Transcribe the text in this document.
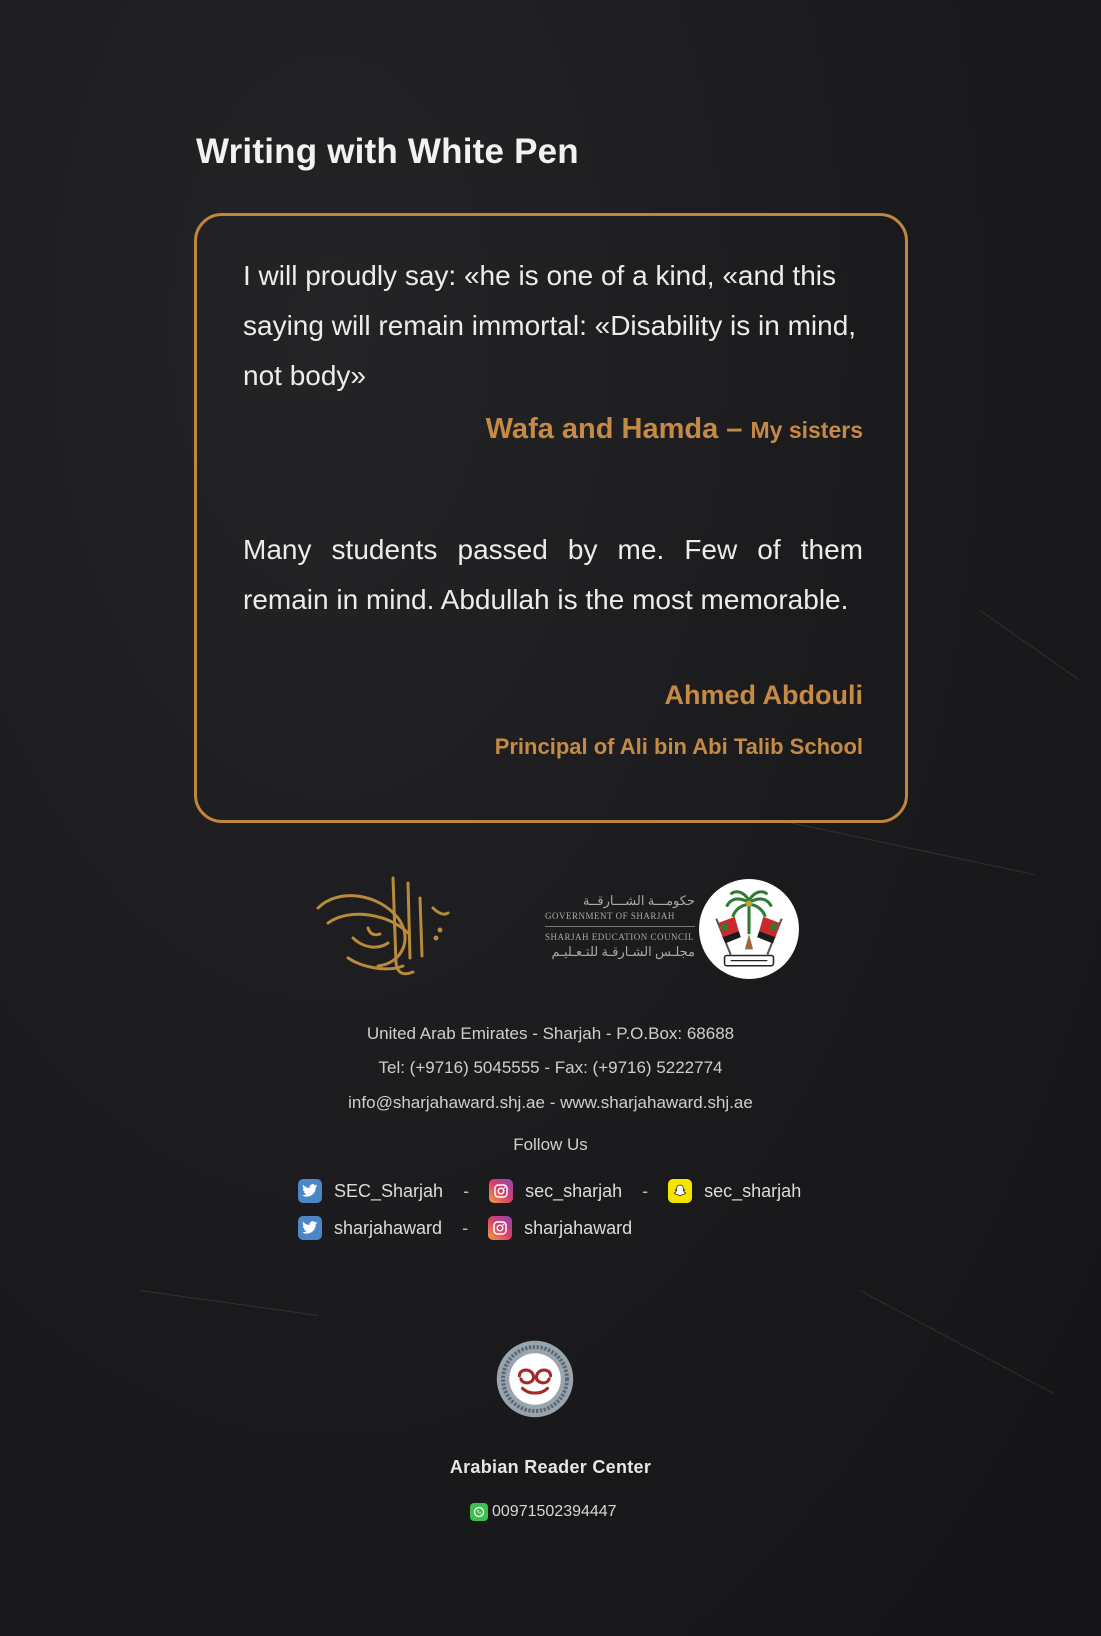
Writing with White Pen
I will proudly say: «he is one of a kind, «and this saying will remain immortal: «Disability is in mind, not body»
Wafa and Hamda – My sisters
Many students passed by me. Few of them remain in mind. Abdullah is the most memorable.
Ahmed Abdouli
Principal of Ali bin Abi Talib School
حكومـــة الشـــارقــة
GOVERNMENT OF SHARJAH
SHARJAH EDUCATION COUNCIL
مجلـس الشـارقـة للتـعـليـم
United Arab Emirates - Sharjah - P.O.Box: 68688
Tel: (+9716) 5045555 - Fax: (+9716) 5222774
info@sharjahaward.shj.ae - www.sharjahaward.shj.ae
Follow Us
SEC_Sharjah -	sec_sharjah -	sec_sharjah
sharjahaward -	sharjahaward
Arabian Reader Center
00971502394447
